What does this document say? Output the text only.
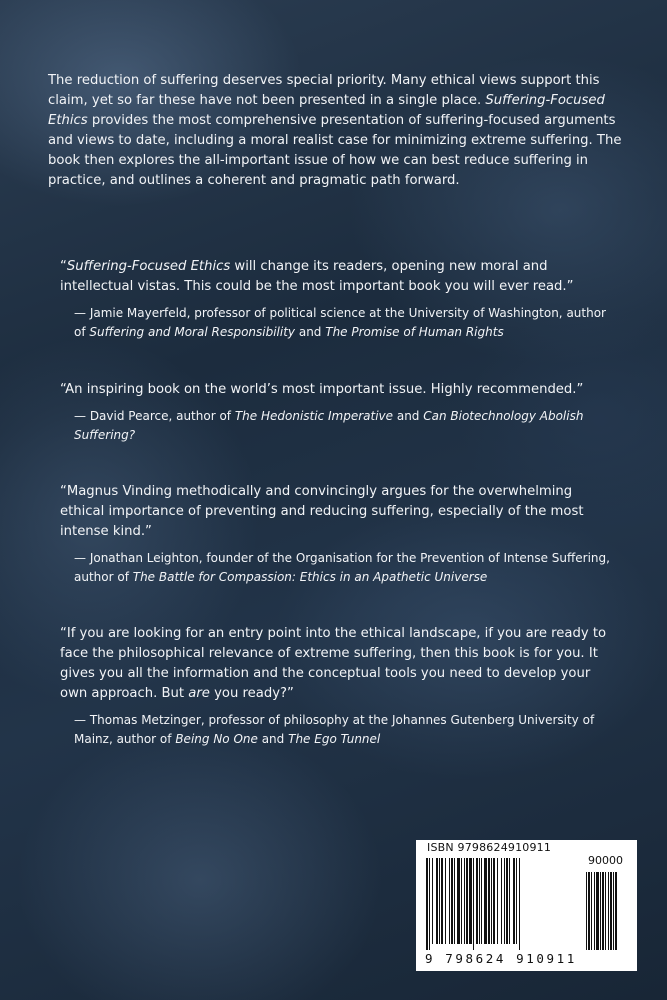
The reduction of suffering deserves special priority. Many ethical views support this claim, yet so far these have not been presented in a single place. Suffering-Focused Ethics provides the most comprehensive presentation of suffering-focused arguments and views to date, including a moral realist case for minimizing extreme suffering. The book then explores the all-important issue of how we can best reduce suffering in practice, and outlines a coherent and pragmatic path forward.

“Suffering-Focused Ethics will change its readers, opening new moral and intellectual vistas. This could be the most important book you will ever read.”

— Jamie Mayerfeld, professor of political science at the University of Washington, author of Suffering and Moral Responsibility and The Promise of Human Rights

“An inspiring book on the world’s most important issue. Highly recommended.”

— David Pearce, author of The Hedonistic Imperative and Can Biotechnology Abolish Suffering?

“Magnus Vinding methodically and convincingly argues for the overwhelming ethical importance of preventing and reducing suffering, especially of the most intense kind.”

— Jonathan Leighton, founder of the Organisation for the Prevention of Intense Suffering, author of The Battle for Compassion: Ethics in an Apathetic Universe

“If you are looking for an entry point into the ethical landscape, if you are ready to face the philosophical relevance of extreme suffering, then this book is for you. It gives you all the information and the conceptual tools you need to develop your own approach. But are you ready?”

— Thomas Metzinger, professor of philosophy at the Johannes Gutenberg University of Mainz, author of Being No One and The Ego Tunnel

ISBN 9798624910911
90000
9 798624 910911
